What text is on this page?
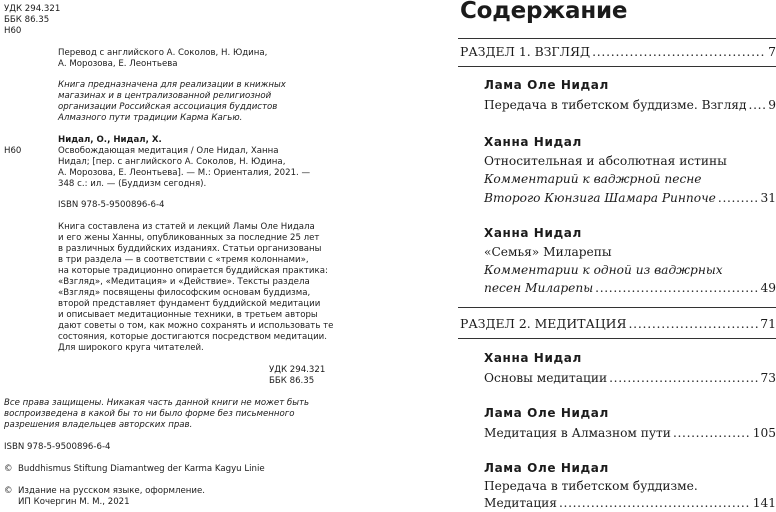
УДК 294.321
ББК 86.35
Н60
Перевод с английского А. Соколов, Н. Юдина,
А. Морозова, Е. Леонтьева
Книга предназначена для реализации в книжных
магазинах и в централизованной религиозной
организации Российская ассоциация буддистов
Алмазного пути традиции Карма Кагью.
Нидал, О., Нидал, Х.
Н60	Освобождающая медитация / Оле Нидал, Ханна
Нидал; [пер. с английского А. Соколов, Н. Юдина,
А. Морозова, Е. Леонтьева]. — М.: Ориенталия, 2021. —
348 с.: ил. — (Буддизм сегодня).
ISBN 978-5-9500896-6-4
Книга составлена из статей и лекций Ламы Оле Нидала
и его жены Ханны, опубликованных за последние 25 лет
в различных буддийских изданиях. Статьи организованы
в три раздела — в соответствии с «тремя колоннами»,
на которые традиционно опирается буддийская практика:
«Взгляд», «Медитация» и «Действие». Тексты раздела
«Взгляд» посвящены философским основам буддизма,
второй представляет фундамент буддийской медитации
и описывает медитационные техники, в третьем авторы
дают советы о том, как можно сохранять и использовать те
состояния, которые достигаются посредством медитации.
Для широкого круга читателей.
УДК 294.321
ББК 86.35
Все права защищены. Никакая часть данной книги не может быть
воспроизведена в какой бы то ни было форме без письменного
разрешения владельцев авторских прав.
ISBN 978-5-9500896-6-4
© Buddhismus Stiftung Diamantweg der Karma Kagyu Linie
© Издание на русском языке, оформление.
ИП Кочергин М. М., 2021
Содержание
РАЗДЕЛ 1. ВЗГЛЯД . . .	7
Лама Оле Нидал
Передача в тибетском буддизме. Взгляд . . . 9
Ханна Нидал
Относительная и абсолютная истины
Комментарий к ваджрной песне
Второго Кюнзига Шамара Ринпоче . . .	31
Ханна Нидал
«Семья» Миларепы
Комментарии к одной из ваджрных
песен Миларепы . . .	49
РАЗДЕЛ 2. МЕДИТАЦИЯ . . .	71
Ханна Нидал
Основы медитации . . .	73
Лама Оле Нидал
Медитация в Алмазном пути . . .	105
Лама Оле Нидал
Передача в тибетском буддизме.
Медитация . . .	141
